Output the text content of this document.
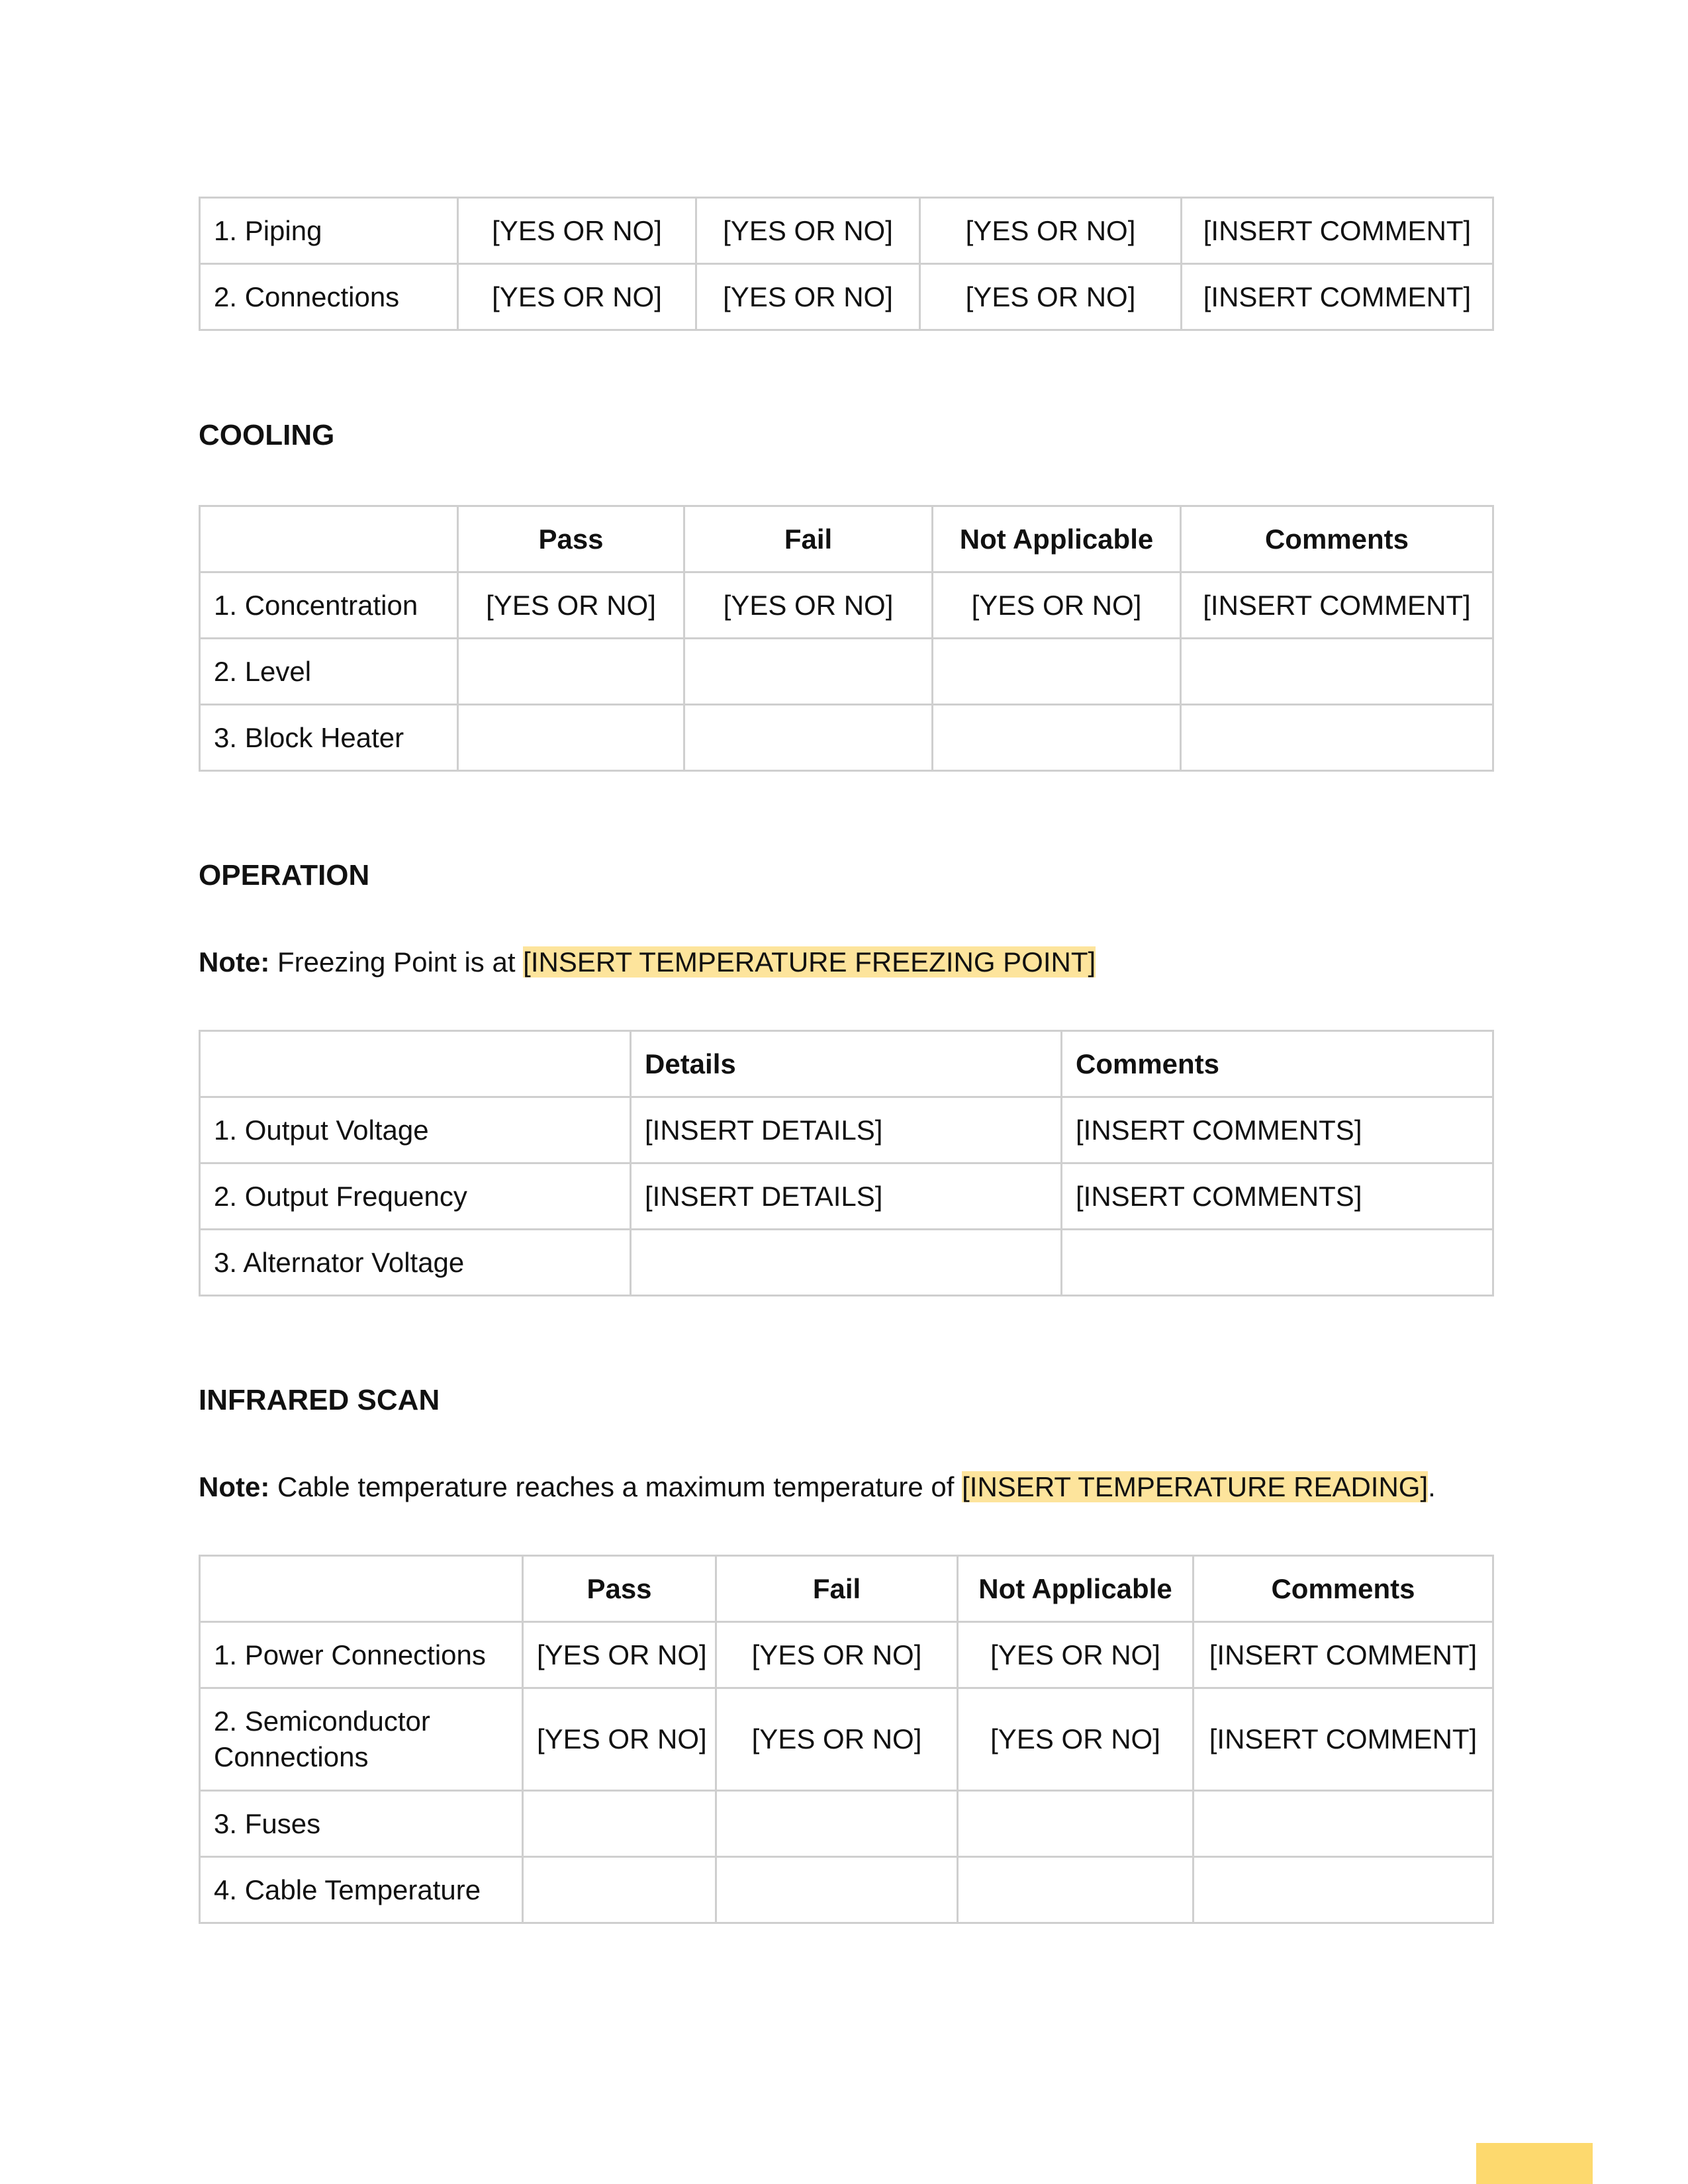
1. Piping	[YES OR NO]	[YES OR NO]	[YES OR NO]	[INSERT COMMENT]
2. Connections	[YES OR NO]	[YES OR NO]	[YES OR NO]	[INSERT COMMENT]
COOLING
	Pass	Fail	Not Applicable	Comments
1. Concentration	[YES OR NO]	[YES OR NO]	[YES OR NO]	[INSERT COMMENT]
2. Level				
3. Block Heater				
OPERATION

Note: Freezing Point is at [INSERT TEMPERATURE FREEZING POINT]

	Details	Comments
1. Output Voltage	[INSERT DETAILS]	[INSERT COMMENTS]
2. Output Frequency	[INSERT DETAILS]	[INSERT COMMENTS]
3. Alternator Voltage		
INFRARED SCAN

Note: Cable temperature reaches a maximum temperature of [INSERT TEMPERATURE READING].

	Pass	Fail	Not Applicable	Comments
1. Power Connections	[YES OR NO]	[YES OR NO]	[YES OR NO]	[INSERT COMMENT]
2. Semiconductor Connections	[YES OR NO]	[YES OR NO]	[YES OR NO]	[INSERT COMMENT]
3. Fuses				
4. Cable Temperature				
